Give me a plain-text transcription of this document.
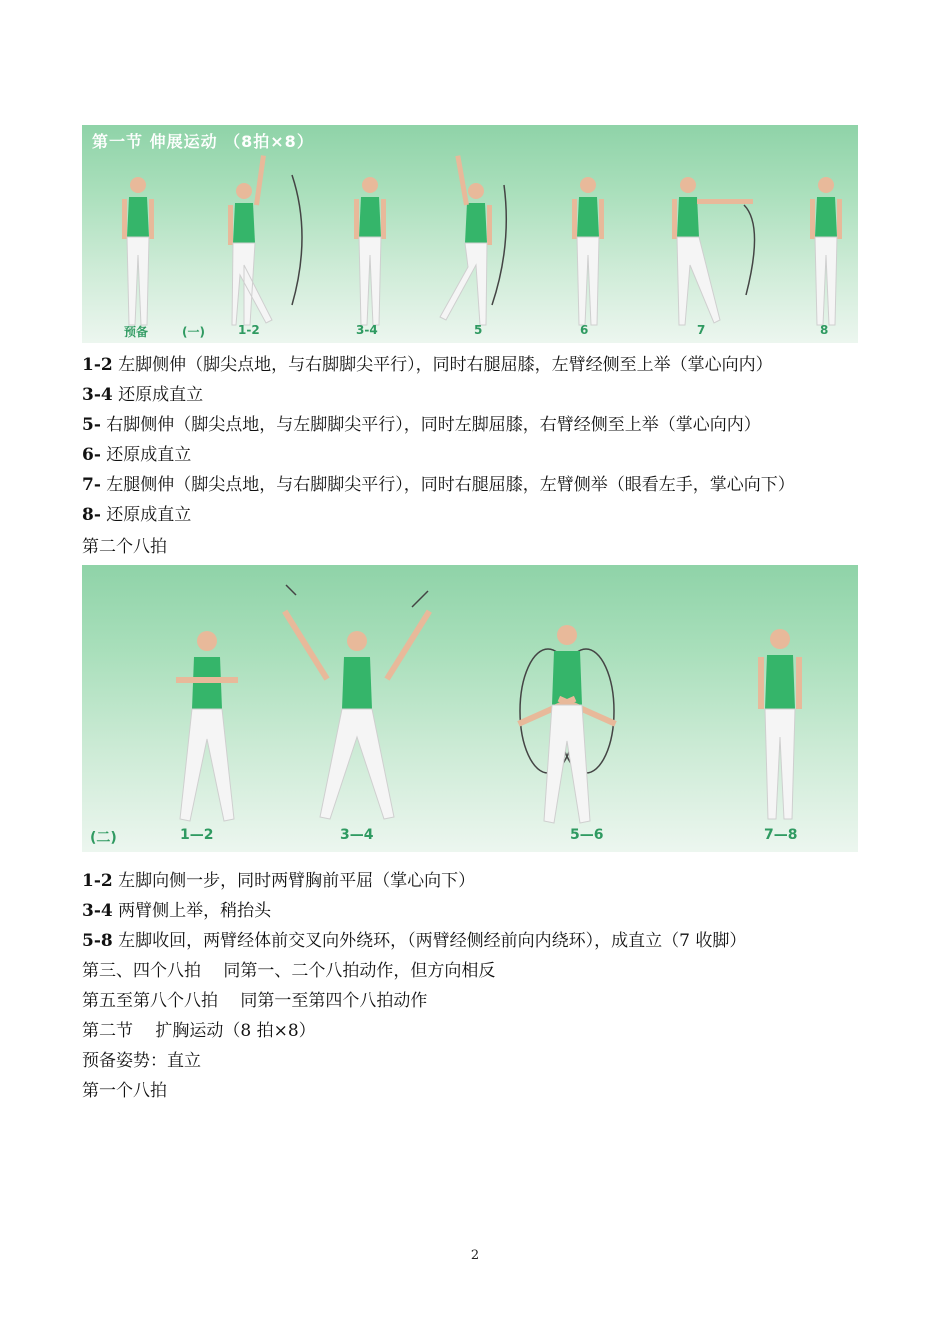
第一节 伸展运动 （8拍×8）
预备	(一)	1-2	3-4	5	6	7	8
1-2 左脚侧伸（脚尖点地，与右脚脚尖平行），同时右腿屈膝，左臂经侧至上举（掌心向内）
3-4 还原成直立
5- 右脚侧伸（脚尖点地，与左脚脚尖平行），同时左脚屈膝，右臂经侧至上举（掌心向内）
6- 还原成直立
7- 左腿侧伸（脚尖点地，与右脚脚尖平行），同时右腿屈膝，左臂侧举（眼看左手，掌心向下）
8- 还原成直立
第二个八拍
(二)	1—2	3—4	5—6	7—8
1-2 左脚向侧一步，同时两臂胸前平屈（掌心向下）
3-4 两臂侧上举，稍抬头
5-8 左脚收回，两臂经体前交叉向外绕环，（两臂经侧经前向内绕环），成直立（7 收脚）
第三、四个八拍　 同第一、二个八拍动作，但方向相反
第五至第八个八拍　 同第一至第四个八拍动作
第二节　 扩胸运动（8 拍×8）
预备姿势：直立
第一个八拍
2
